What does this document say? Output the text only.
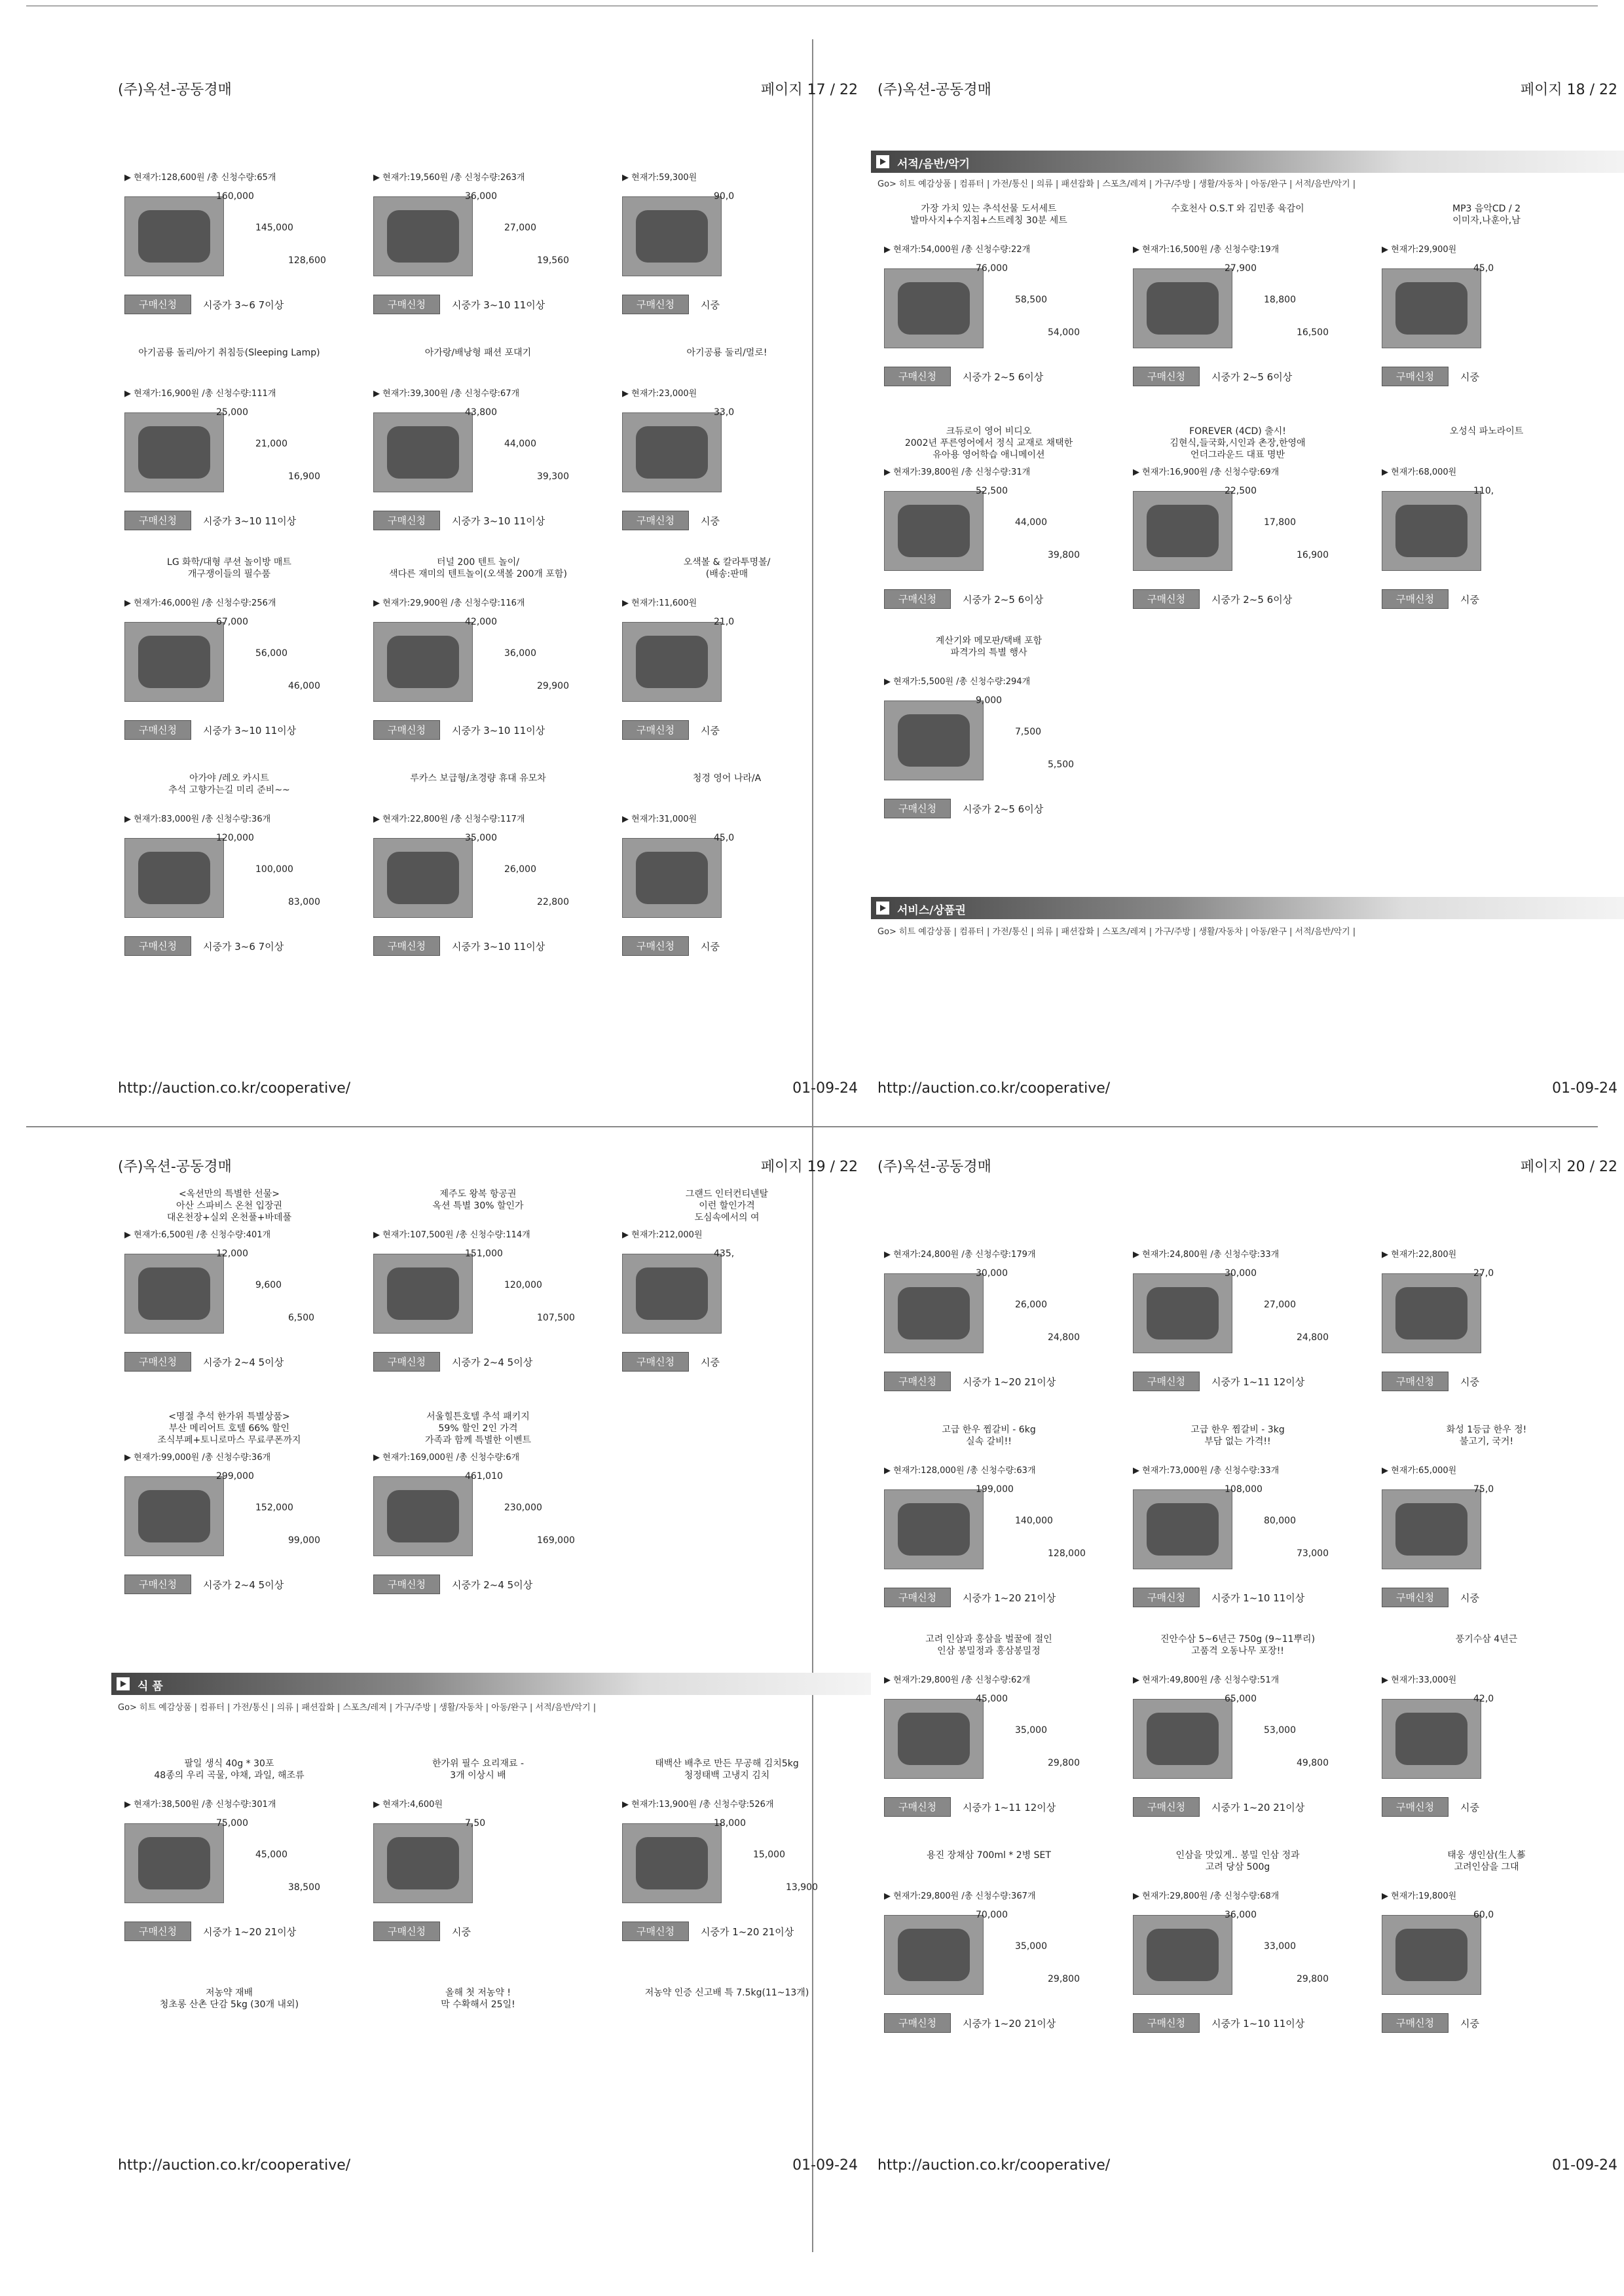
(주)옥션-공동경매	페이지 17 / 22
http://auction.co.kr/cooperative/	01-09-24
▶ 현재가:128,600원 /총 신청수량:65개
160,000
145,000
128,600
구매신청	시중가 3~6 7이상
▶ 현재가:19,560원 /총 신청수량:263개
36,000
27,000
19,560
구매신청	시중가 3~10 11이상
▶ 현재가:59,300원
90,0
구매신청	시중
아기곰룡 돌리/아기 취침등(Sleeping Lamp)
▶ 현재가:16,900원 /총 신청수량:111개
25,000
21,000
16,900
구매신청	시중가 3~10 11이상
아가랑/배낭형 패션 포대기
▶ 현재가:39,300원 /총 신청수량:67개
43,800
44,000
39,300
구매신청	시중가 3~10 11이상
아기공룡 둘리/멀로!
▶ 현재가:23,000원
33,0
구매신청	시중
LG 화학/대형 쿠션 놀이방 매트
개구쟁이들의 필수품
▶ 현재가:46,000원 /총 신청수량:256개
67,000
56,000
46,000
구매신청	시중가 3~10 11이상
터널 200 텐트 놀이/
색다른 재미의 텐트놀이(오색볼 200개 포함)
▶ 현재가:29,900원 /총 신청수량:116개
42,000
36,000
29,900
구매신청	시중가 3~10 11이상
오색볼 & 칼라투명볼/
(배송:판매
▶ 현재가:11,600원
21,0
구매신청	시중
아가야 /레오 카시트
추석 고향가는길 미리 준비~~
▶ 현재가:83,000원 /총 신청수량:36개
120,000
100,000
83,000
구매신청	시중가 3~6 7이상
루카스 보급형/초경량 휴대 유모차
▶ 현재가:22,800원 /총 신청수량:117개
35,000
26,000
22,800
구매신청	시중가 3~10 11이상
청경 영어 나라/A
▶ 현재가:31,000원
45,0
구매신청	시중
(주)옥션-공동경매	페이지 18 / 22
서적/음반/악기
Go> 히트 예감상품 | 컴퓨터 | 가전/통신 | 의류 | 패션잡화 | 스포츠/레져 | 가구/주방 | 생활/자동차 | 아동/완구 | 서적/음반/악기 |
서비스/상품권
Go> 히트 예감상품 | 컴퓨터 | 가전/통신 | 의류 | 패션잡화 | 스포츠/레져 | 가구/주방 | 생활/자동차 | 아동/완구 | 서적/음반/악기 |
http://auction.co.kr/cooperative/	01-09-24
가장 가치 있는 추석선물 도서세트
발마사지+수지침+스트레칭 30분 세트
▶ 현재가:54,000원 /총 신청수량:22개
76,000
58,500
54,000
구매신청	시중가 2~5 6이상
수호천사 O.S.T 와 김민종 육감이
▶ 현재가:16,500원 /총 신청수량:19개
27,900
18,800
16,500
구매신청	시중가 2~5 6이상
MP3 음악CD / 2
이미자,나훈아,남
▶ 현재가:29,900원
45,0
구매신청	시중
크듀로이 영어 비디오
2002년 푸른영어에서 정식 교재로 채택한
유아용 영어학습 애니메이션
▶ 현재가:39,800원 /총 신청수량:31개
52,500
44,000
39,800
구매신청	시중가 2~5 6이상
FOREVER (4CD) 출시!
김현식,들국화,시인과 촌장,한영애
언더그라운드 대표 명반
▶ 현재가:16,900원 /총 신청수량:69개
22,500
17,800
16,900
구매신청	시중가 2~5 6이상
오성식 파노라이트
▶ 현재가:68,000원
110,
구매신청	시중
계산기와 메모판/택배 포함
파격가의 특별 행사
▶ 현재가:5,500원 /총 신청수량:294개
9,000
7,500
5,500
구매신청	시중가 2~5 6이상
(주)옥션-공동경매	페이지 19 / 22
식 품
Go> 히트 예감상품 | 컴퓨터 | 가전/통신 | 의류 | 패션잡화 | 스포츠/레져 | 가구/주방 | 생활/자동차 | 아동/완구 | 서적/음반/악기 |
http://auction.co.kr/cooperative/	01-09-24
<옥션만의 특별한 선물>
아산 스파비스 온천 입장권
대온천장+실외 온천풀+바데풀
▶ 현재가:6,500원 /총 신청수량:401개
12,000
9,600
6,500
구매신청	시중가 2~4 5이상
제주도 왕복 항공권
옥션 특별 30% 할인가
▶ 현재가:107,500원 /총 신청수량:114개
151,000
120,000
107,500
구매신청	시중가 2~4 5이상
그랜드 인터컨티넨탈
이런 할인가격
도심속에서의 여
▶ 현재가:212,000원
435,
구매신청	시중
<명절 추석 한가위 특별상품>
부산 메리어트 호텔 66% 할인
조식부페+토니로마스 무료쿠폰까지
▶ 현재가:99,000원 /총 신청수량:36개
299,000
152,000
99,000
구매신청	시중가 2~4 5이상
서울힐튼호텔 추석 패키지
59% 할인 2인 가격
가족과 함께 특별한 이벤트
▶ 현재가:169,000원 /총 신청수량:6개
461,010
230,000
169,000
구매신청	시중가 2~4 5이상
태백산 배추로 만든 무공해 김치5kg
청정태백 고냉지 김치
▶ 현재가:13,900원 /총 신청수량:526개
18,000
15,000
13,900
구매신청	시중가 1~20 21이상
팔일 생식 40g * 30포
48종의 우리 곡물, 야채, 과일, 해조류
▶ 현재가:38,500원 /총 신청수량:301개
75,000
45,000
38,500
구매신청	시중가 1~20 21이상
한가위 필수 요리재료 -
3개 이상시 배
▶ 현재가:4,600원
7,50
구매신청	시중
저농약 인증 신고배 특 7.5kg(11~13개)
저농약 재배
청초롱 산촌 단감 5kg (30개 내외)
올해 첫 저농약 !
막 수확해서 25일!
(주)옥션-공동경매	페이지 20 / 22
http://auction.co.kr/cooperative/	01-09-24
▶ 현재가:24,800원 /총 신청수량:179개
30,000
26,000
24,800
구매신청	시중가 1~20 21이상
▶ 현재가:24,800원 /총 신청수량:33개
30,000
27,000
24,800
구매신청	시중가 1~11 12이상
▶ 현재가:22,800원
27,0
구매신청	시중
고급 한우 찜갈비 - 6kg
실속 갈비!!
▶ 현재가:128,000원 /총 신청수량:63개
199,000
140,000
128,000
구매신청	시중가 1~20 21이상
고급 한우 찜갈비 - 3kg
부담 없는 가격!!
▶ 현재가:73,000원 /총 신청수량:33개
108,000
80,000
73,000
구매신청	시중가 1~10 11이상
화성 1등급 한우 정!
불고기, 국거!
▶ 현재가:65,000원
75,0
구매신청	시중
고려 인삼과 홍삼을 벌꿀에 절인
인삼 봉밀정과 홍삼봉밀정
▶ 현재가:29,800원 /총 신청수량:62개
45,000
35,000
29,800
구매신청	시중가 1~11 12이상
진안수삼 5~6년근 750g (9~11뿌리)
고품격 오동나무 포장!!
▶ 현재가:49,800원 /총 신청수량:51개
65,000
53,000
49,800
구매신청	시중가 1~20 21이상
풍기수삼 4년근
▶ 현재가:33,000원
42,0
구매신청	시중
용진 장채삼 700ml * 2병 SET
▶ 현재가:29,800원 /총 신청수량:367개
70,000
35,000
29,800
구매신청	시중가 1~20 21이상
인삼을 맛있게.. 봉밀 인삼 정과
고려 당삼 500g
▶ 현재가:29,800원 /총 신청수량:68개
36,000
33,000
29,800
구매신청	시중가 1~10 11이상
태웅 생인삼(生人蔘
고려인삼을 그대
▶ 현재가:19,800원
60,0
구매신청	시중
